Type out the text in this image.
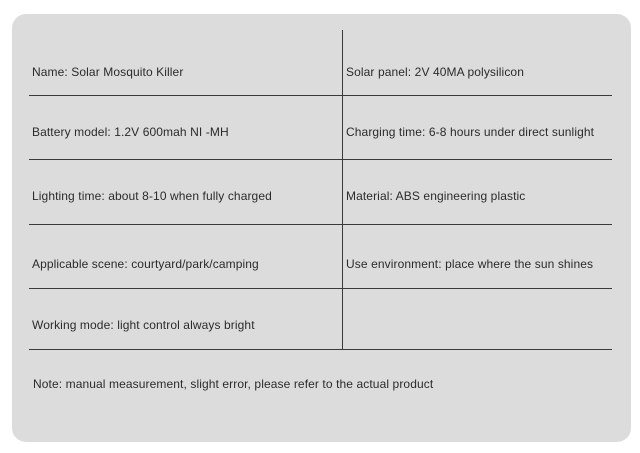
Name: Solar Mosquito Killer	Solar panel: 2V 40MA polysilicon
Battery model: 1.2V 600mah NI -MH	Charging time: 6-8 hours under direct sunlight
Lighting time: about 8-10 when fully charged	Material: ABS engineering plastic
Applicable scene: courtyard/park/camping	Use environment: place where the sun shines
Working mode: light control always bright
Note: manual measurement, slight error, please refer to the actual product
